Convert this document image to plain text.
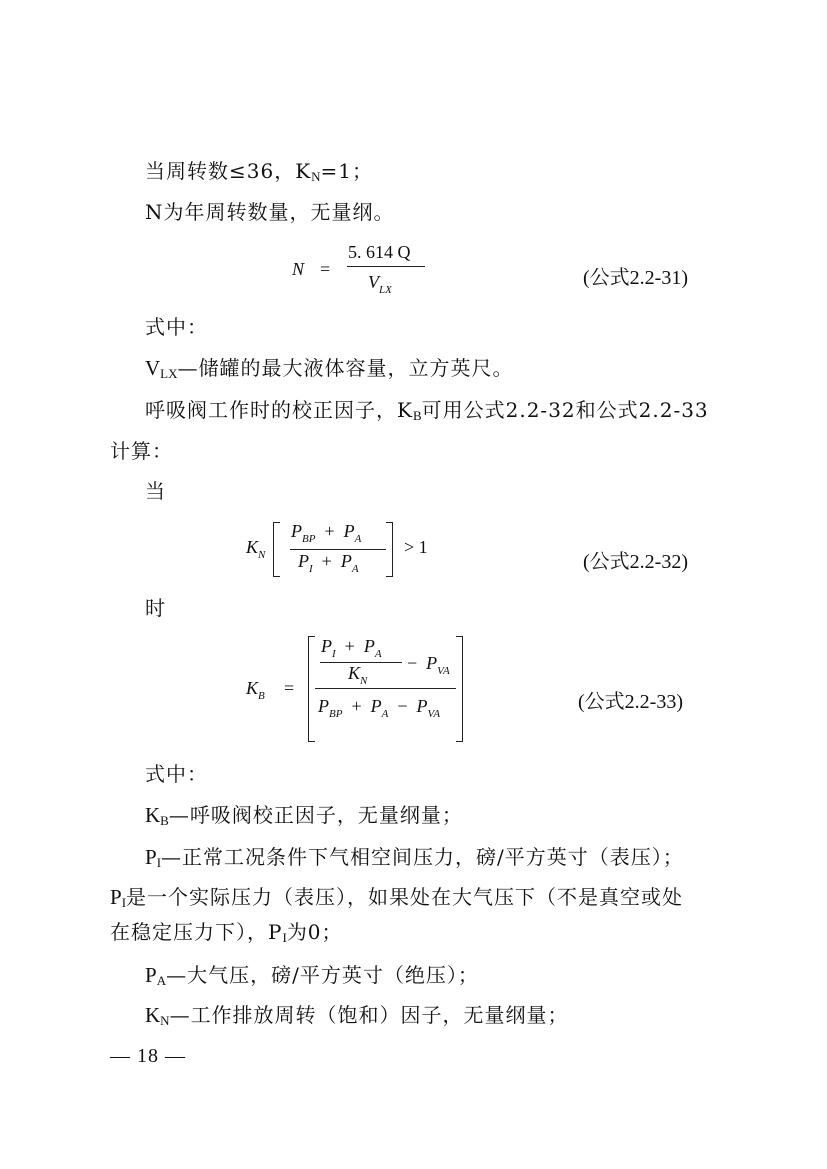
当周转数≤36，$K_N=1$；
N为年周转数量，无量纲。
N =
5. 614 Q
$V_{LX}$
(公式2.2-31)
式中：
$V_{LX}—$储罐的最大液体容量，立方英尺。
呼吸阀工作时的校正因子，$K_B$可用公式2.2-32和公式2.2-33
计算：
当
$K_N$
$P_{BP} + P_A$
$P_I + P_A$
> 1
(公式2.2-32)
时
$K_B$ =
$P_I + P_A$
$K_N$
− $P_{VA}$
$P_{BP} + P_A - P_{VA}$
(公式2.2-33)
式中：
$K_B—$呼吸阀校正因子，无量纲量；
$P_I—$正常工况条件下气相空间压力，磅/平方英寸（表压）；
$P_I$是一个实际压力（表压），如果处在大气压下（不是真空或处
在稳定压力下），$P_I$为0；
$P_A—$大气压，磅/平方英寸（绝压）；
$K_N—$工作排放周转（饱和）因子，无量纲量；
— 18 —
